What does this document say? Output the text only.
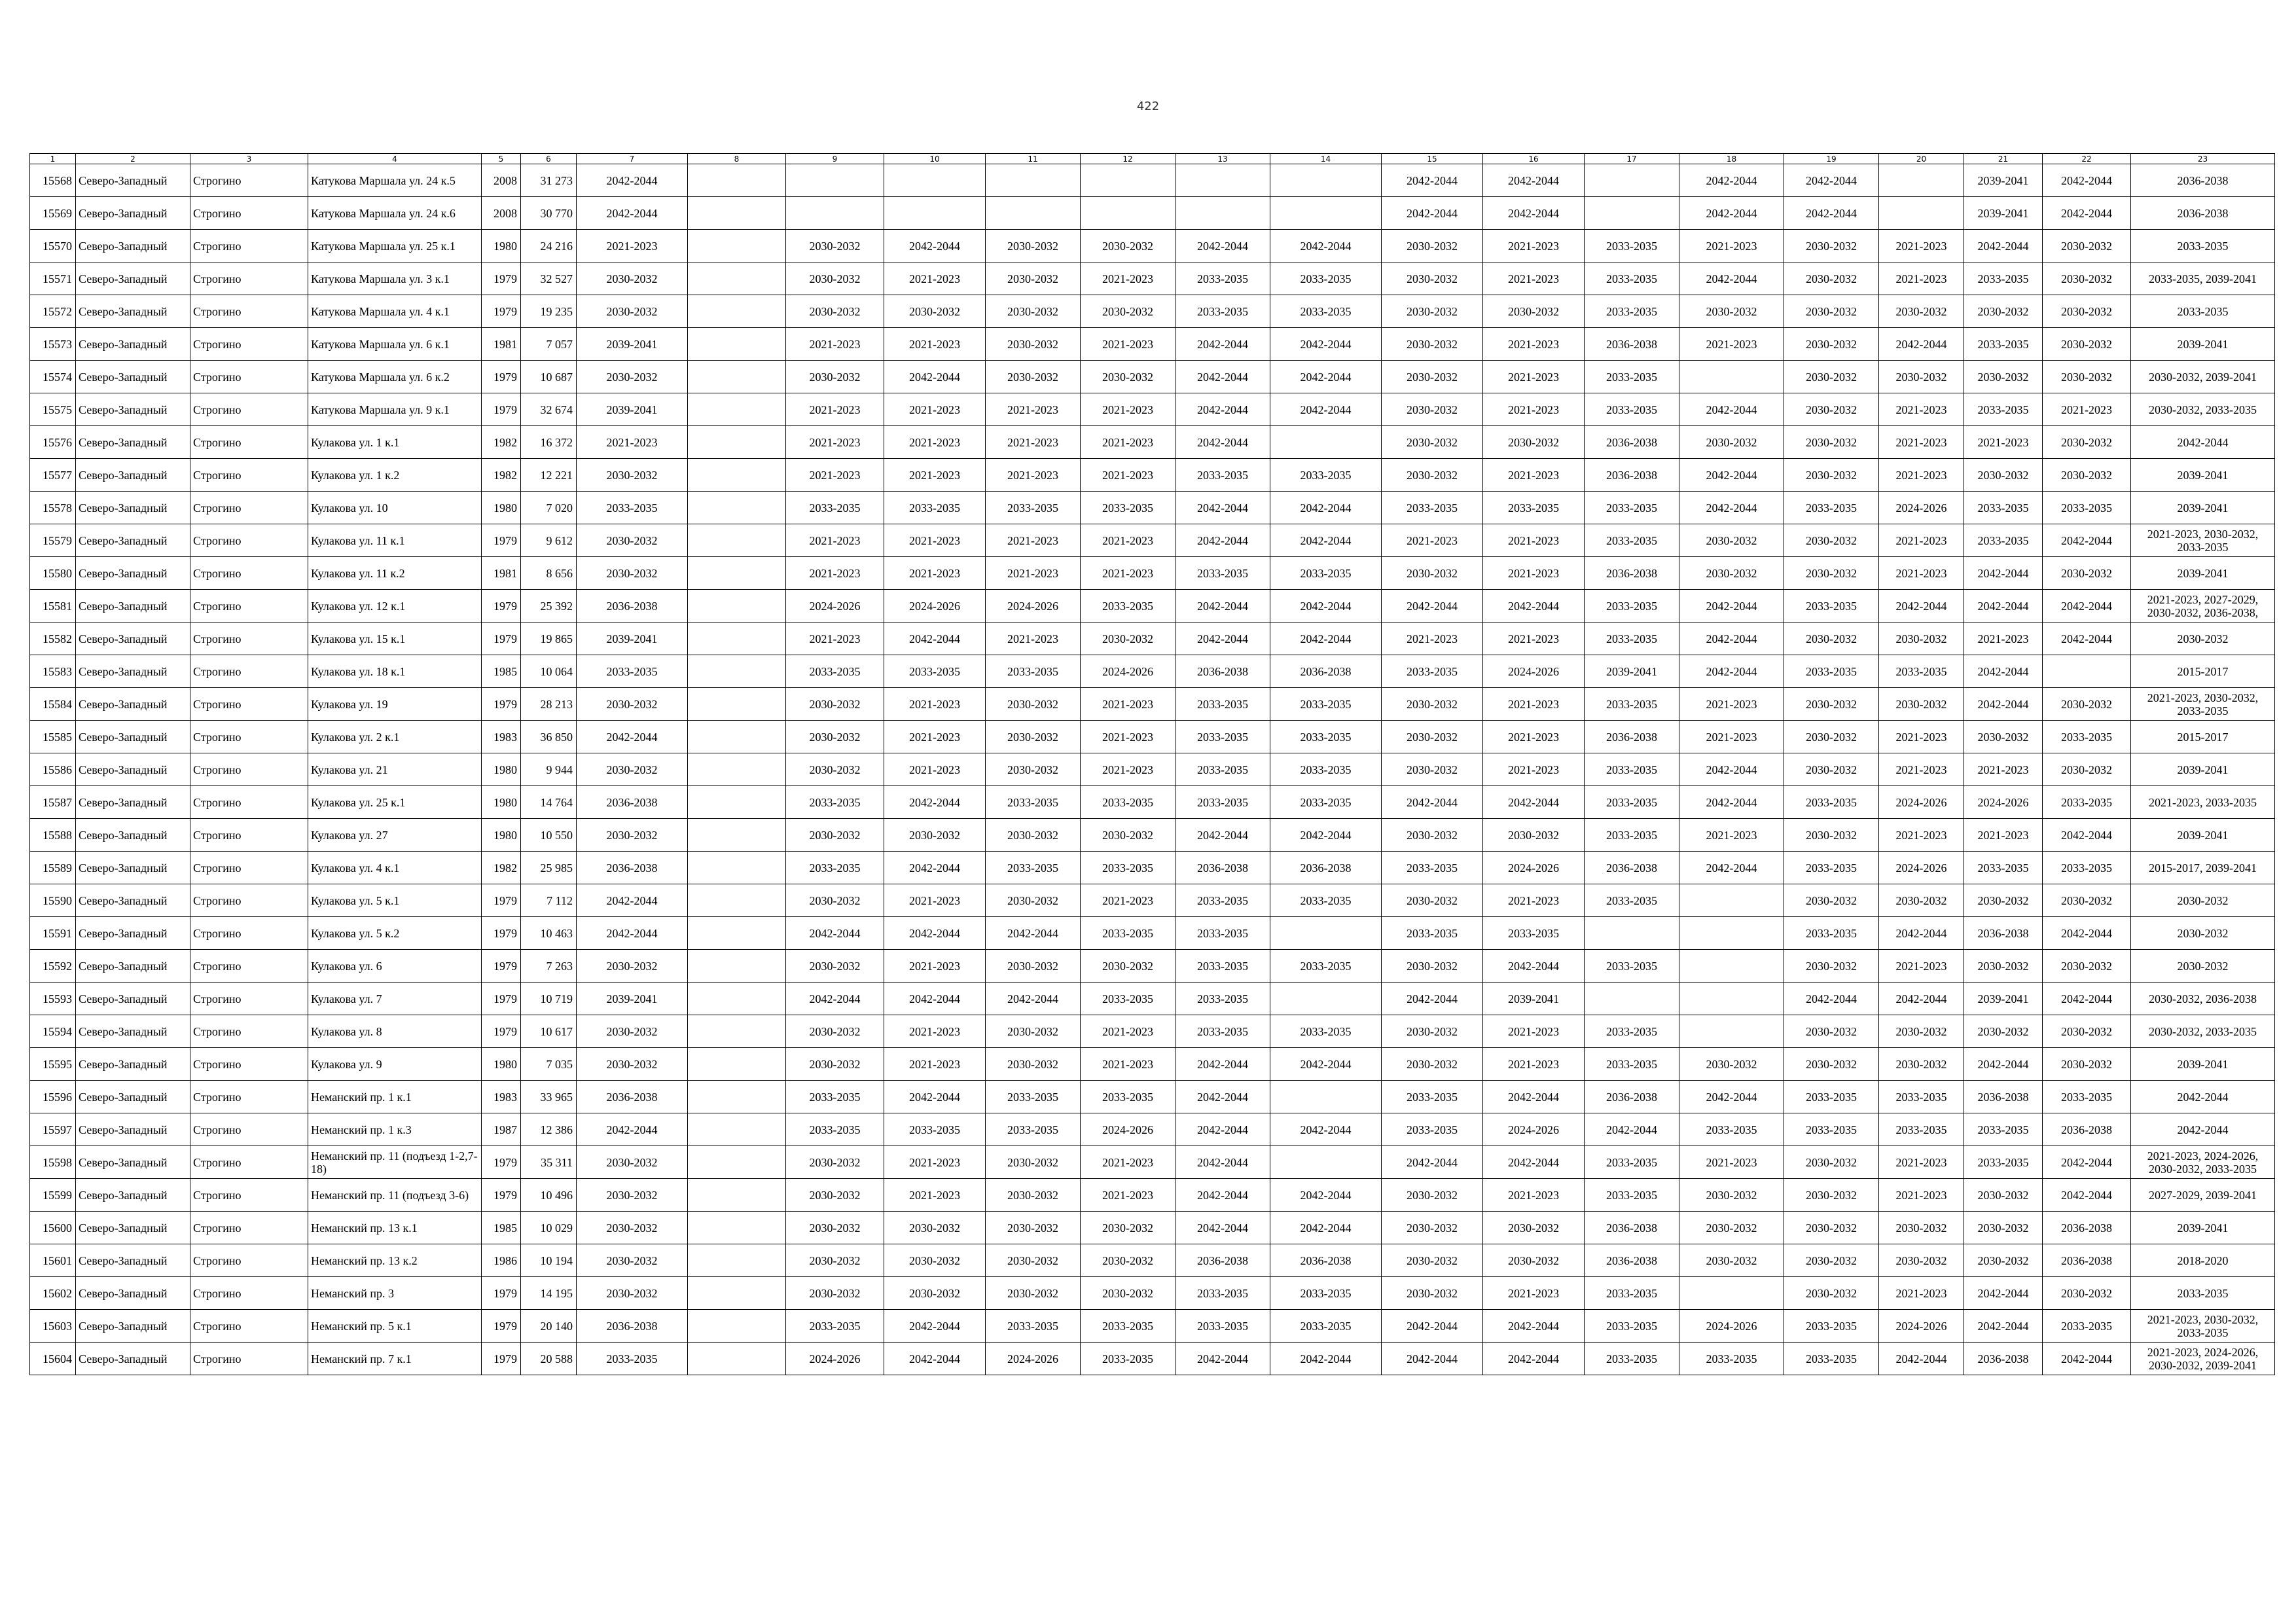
422
1	2	3	4	5	6	7	8	9	10	11	12	13	14	15	16	17	18	19	20	21	22	23
15568	Северо-Западный	Строгино	Катукова Маршала ул. 24 к.5	2008	31 273	2042-2044								2042-2044	2042-2044		2042-2044	2042-2044		2039-2041	2042-2044	2036-2038
15569	Северо-Западный	Строгино	Катукова Маршала ул. 24 к.6	2008	30 770	2042-2044								2042-2044	2042-2044		2042-2044	2042-2044		2039-2041	2042-2044	2036-2038
15570	Северо-Западный	Строгино	Катукова Маршала ул. 25 к.1	1980	24 216	2021-2023		2030-2032	2042-2044	2030-2032	2030-2032	2042-2044	2042-2044	2030-2032	2021-2023	2033-2035	2021-2023	2030-2032	2021-2023	2042-2044	2030-2032	2033-2035
15571	Северо-Западный	Строгино	Катукова Маршала ул. 3 к.1	1979	32 527	2030-2032		2030-2032	2021-2023	2030-2032	2021-2023	2033-2035	2033-2035	2030-2032	2021-2023	2033-2035	2042-2044	2030-2032	2021-2023	2033-2035	2030-2032	2033-2035, 2039-2041
15572	Северо-Западный	Строгино	Катукова Маршала ул. 4 к.1	1979	19 235	2030-2032		2030-2032	2030-2032	2030-2032	2030-2032	2033-2035	2033-2035	2030-2032	2030-2032	2033-2035	2030-2032	2030-2032	2030-2032	2030-2032	2030-2032	2033-2035
15573	Северо-Западный	Строгино	Катукова Маршала ул. 6 к.1	1981	7 057	2039-2041		2021-2023	2021-2023	2030-2032	2021-2023	2042-2044	2042-2044	2030-2032	2021-2023	2036-2038	2021-2023	2030-2032	2042-2044	2033-2035	2030-2032	2039-2041
15574	Северо-Западный	Строгино	Катукова Маршала ул. 6 к.2	1979	10 687	2030-2032		2030-2032	2042-2044	2030-2032	2030-2032	2042-2044	2042-2044	2030-2032	2021-2023	2033-2035		2030-2032	2030-2032	2030-2032	2030-2032	2030-2032, 2039-2041
15575	Северо-Западный	Строгино	Катукова Маршала ул. 9 к.1	1979	32 674	2039-2041		2021-2023	2021-2023	2021-2023	2021-2023	2042-2044	2042-2044	2030-2032	2021-2023	2033-2035	2042-2044	2030-2032	2021-2023	2033-2035	2021-2023	2030-2032, 2033-2035
15576	Северо-Западный	Строгино	Кулакова ул. 1 к.1	1982	16 372	2021-2023		2021-2023	2021-2023	2021-2023	2021-2023	2042-2044		2030-2032	2030-2032	2036-2038	2030-2032	2030-2032	2021-2023	2021-2023	2030-2032	2042-2044
15577	Северо-Западный	Строгино	Кулакова ул. 1 к.2	1982	12 221	2030-2032		2021-2023	2021-2023	2021-2023	2021-2023	2033-2035	2033-2035	2030-2032	2021-2023	2036-2038	2042-2044	2030-2032	2021-2023	2030-2032	2030-2032	2039-2041
15578	Северо-Западный	Строгино	Кулакова ул. 10	1980	7 020	2033-2035		2033-2035	2033-2035	2033-2035	2033-2035	2042-2044	2042-2044	2033-2035	2033-2035	2033-2035	2042-2044	2033-2035	2024-2026	2033-2035	2033-2035	2039-2041
15579	Северо-Западный	Строгино	Кулакова ул. 11 к.1	1979	9 612	2030-2032		2021-2023	2021-2023	2021-2023	2021-2023	2042-2044	2042-2044	2021-2023	2021-2023	2033-2035	2030-2032	2030-2032	2021-2023	2033-2035	2042-2044	2021-2023, 2030-2032, 2033-2035
15580	Северо-Западный	Строгино	Кулакова ул. 11 к.2	1981	8 656	2030-2032		2021-2023	2021-2023	2021-2023	2021-2023	2033-2035	2033-2035	2030-2032	2021-2023	2036-2038	2030-2032	2030-2032	2021-2023	2042-2044	2030-2032	2039-2041
15581	Северо-Западный	Строгино	Кулакова ул. 12 к.1	1979	25 392	2036-2038		2024-2026	2024-2026	2024-2026	2033-2035	2042-2044	2042-2044	2042-2044	2042-2044	2033-2035	2042-2044	2033-2035	2042-2044	2042-2044	2042-2044	2021-2023, 2027-2029, 2030-2032, 2036-2038,
15582	Северо-Западный	Строгино	Кулакова ул. 15 к.1	1979	19 865	2039-2041		2021-2023	2042-2044	2021-2023	2030-2032	2042-2044	2042-2044	2021-2023	2021-2023	2033-2035	2042-2044	2030-2032	2030-2032	2021-2023	2042-2044	2030-2032
15583	Северо-Западный	Строгино	Кулакова ул. 18 к.1	1985	10 064	2033-2035		2033-2035	2033-2035	2033-2035	2024-2026	2036-2038	2036-2038	2033-2035	2024-2026	2039-2041	2042-2044	2033-2035	2033-2035	2042-2044		2015-2017
15584	Северо-Западный	Строгино	Кулакова ул. 19	1979	28 213	2030-2032		2030-2032	2021-2023	2030-2032	2021-2023	2033-2035	2033-2035	2030-2032	2021-2023	2033-2035	2021-2023	2030-2032	2030-2032	2042-2044	2030-2032	2021-2023, 2030-2032, 2033-2035
15585	Северо-Западный	Строгино	Кулакова ул. 2 к.1	1983	36 850	2042-2044		2030-2032	2021-2023	2030-2032	2021-2023	2033-2035	2033-2035	2030-2032	2021-2023	2036-2038	2021-2023	2030-2032	2021-2023	2030-2032	2033-2035	2015-2017
15586	Северо-Западный	Строгино	Кулакова ул. 21	1980	9 944	2030-2032		2030-2032	2021-2023	2030-2032	2021-2023	2033-2035	2033-2035	2030-2032	2021-2023	2033-2035	2042-2044	2030-2032	2021-2023	2021-2023	2030-2032	2039-2041
15587	Северо-Западный	Строгино	Кулакова ул. 25 к.1	1980	14 764	2036-2038		2033-2035	2042-2044	2033-2035	2033-2035	2033-2035	2033-2035	2042-2044	2042-2044	2033-2035	2042-2044	2033-2035	2024-2026	2024-2026	2033-2035	2021-2023, 2033-2035
15588	Северо-Западный	Строгино	Кулакова ул. 27	1980	10 550	2030-2032		2030-2032	2030-2032	2030-2032	2030-2032	2042-2044	2042-2044	2030-2032	2030-2032	2033-2035	2021-2023	2030-2032	2021-2023	2021-2023	2042-2044	2039-2041
15589	Северо-Западный	Строгино	Кулакова ул. 4 к.1	1982	25 985	2036-2038		2033-2035	2042-2044	2033-2035	2033-2035	2036-2038	2036-2038	2033-2035	2024-2026	2036-2038	2042-2044	2033-2035	2024-2026	2033-2035	2033-2035	2015-2017, 2039-2041
15590	Северо-Западный	Строгино	Кулакова ул. 5 к.1	1979	7 112	2042-2044		2030-2032	2021-2023	2030-2032	2021-2023	2033-2035	2033-2035	2030-2032	2021-2023	2033-2035		2030-2032	2030-2032	2030-2032	2030-2032	2030-2032
15591	Северо-Западный	Строгино	Кулакова ул. 5 к.2	1979	10 463	2042-2044		2042-2044	2042-2044	2042-2044	2033-2035	2033-2035		2033-2035	2033-2035			2033-2035	2042-2044	2036-2038	2042-2044	2030-2032
15592	Северо-Западный	Строгино	Кулакова ул. 6	1979	7 263	2030-2032		2030-2032	2021-2023	2030-2032	2030-2032	2033-2035	2033-2035	2030-2032	2042-2044	2033-2035		2030-2032	2021-2023	2030-2032	2030-2032	2030-2032
15593	Северо-Западный	Строгино	Кулакова ул. 7	1979	10 719	2039-2041		2042-2044	2042-2044	2042-2044	2033-2035	2033-2035		2042-2044	2039-2041			2042-2044	2042-2044	2039-2041	2042-2044	2030-2032, 2036-2038
15594	Северо-Западный	Строгино	Кулакова ул. 8	1979	10 617	2030-2032		2030-2032	2021-2023	2030-2032	2021-2023	2033-2035	2033-2035	2030-2032	2021-2023	2033-2035		2030-2032	2030-2032	2030-2032	2030-2032	2030-2032, 2033-2035
15595	Северо-Западный	Строгино	Кулакова ул. 9	1980	7 035	2030-2032		2030-2032	2021-2023	2030-2032	2021-2023	2042-2044	2042-2044	2030-2032	2021-2023	2033-2035	2030-2032	2030-2032	2030-2032	2042-2044	2030-2032	2039-2041
15596	Северо-Западный	Строгино	Неманский пр. 1 к.1	1983	33 965	2036-2038		2033-2035	2042-2044	2033-2035	2033-2035	2042-2044		2033-2035	2042-2044	2036-2038	2042-2044	2033-2035	2033-2035	2036-2038	2033-2035	2042-2044
15597	Северо-Западный	Строгино	Неманский пр. 1 к.3	1987	12 386	2042-2044		2033-2035	2033-2035	2033-2035	2024-2026	2042-2044	2042-2044	2033-2035	2024-2026	2042-2044	2033-2035	2033-2035	2033-2035	2033-2035	2036-2038	2042-2044
15598	Северо-Западный	Строгино	Неманский пр. 11 (подъезд 1-2,7-18)	1979	35 311	2030-2032		2030-2032	2021-2023	2030-2032	2021-2023	2042-2044		2042-2044	2042-2044	2033-2035	2021-2023	2030-2032	2021-2023	2033-2035	2042-2044	2021-2023, 2024-2026, 2030-2032, 2033-2035
15599	Северо-Западный	Строгино	Неманский пр. 11 (подъезд 3-6)	1979	10 496	2030-2032		2030-2032	2021-2023	2030-2032	2021-2023	2042-2044	2042-2044	2030-2032	2021-2023	2033-2035	2030-2032	2030-2032	2021-2023	2030-2032	2042-2044	2027-2029, 2039-2041
15600	Северо-Западный	Строгино	Неманский пр. 13 к.1	1985	10 029	2030-2032		2030-2032	2030-2032	2030-2032	2030-2032	2042-2044	2042-2044	2030-2032	2030-2032	2036-2038	2030-2032	2030-2032	2030-2032	2030-2032	2036-2038	2039-2041
15601	Северо-Западный	Строгино	Неманский пр. 13 к.2	1986	10 194	2030-2032		2030-2032	2030-2032	2030-2032	2030-2032	2036-2038	2036-2038	2030-2032	2030-2032	2036-2038	2030-2032	2030-2032	2030-2032	2030-2032	2036-2038	2018-2020
15602	Северо-Западный	Строгино	Неманский пр. 3	1979	14 195	2030-2032		2030-2032	2030-2032	2030-2032	2030-2032	2033-2035	2033-2035	2030-2032	2021-2023	2033-2035		2030-2032	2021-2023	2042-2044	2030-2032	2033-2035
15603	Северо-Западный	Строгино	Неманский пр. 5 к.1	1979	20 140	2036-2038		2033-2035	2042-2044	2033-2035	2033-2035	2033-2035	2033-2035	2042-2044	2042-2044	2033-2035	2024-2026	2033-2035	2024-2026	2042-2044	2033-2035	2021-2023, 2030-2032, 2033-2035
15604	Северо-Западный	Строгино	Неманский пр. 7 к.1	1979	20 588	2033-2035		2024-2026	2042-2044	2024-2026	2033-2035	2042-2044	2042-2044	2042-2044	2042-2044	2033-2035	2033-2035	2033-2035	2042-2044	2036-2038	2042-2044	2021-2023, 2024-2026, 2030-2032, 2039-2041
